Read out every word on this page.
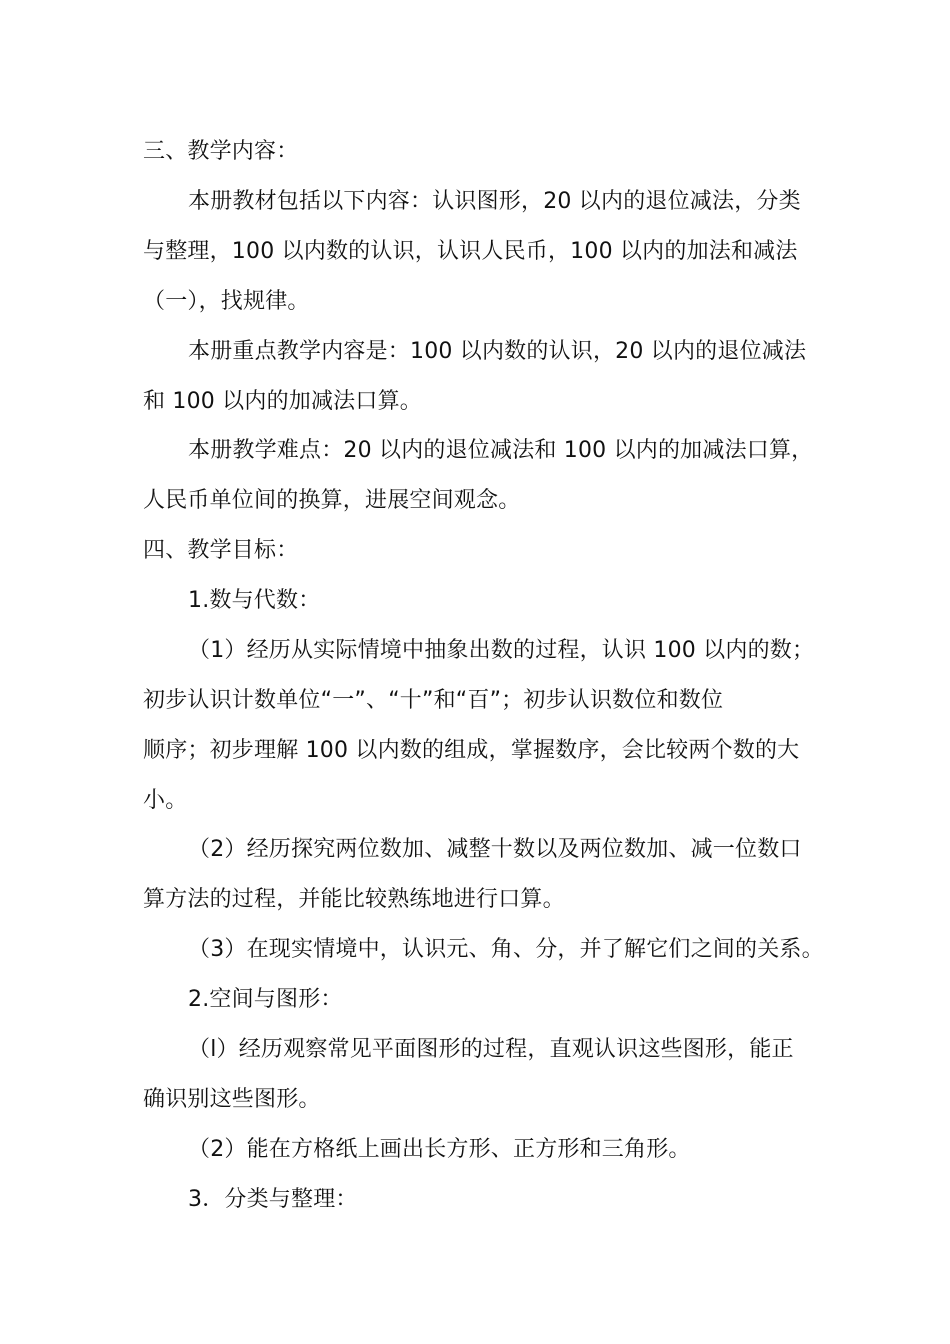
三、教学内容：
本册教材包括以下内容：认识图形，20 以内的退位减法，分类
与整理，100 以内数的认识，认识人民币，100 以内的加法和减法
（一），找规律。
本册重点教学内容是：100 以内数的认识，20 以内的退位减法
和 100 以内的加减法口算。
本册教学难点：20 以内的退位减法和 100 以内的加减法口算，
人民币单位间的换算，进展空间观念。
四、教学目标：
1.数与代数：
（1）经历从实际情境中抽象出数的过程，认识 100 以内的数；
初步认识计数单位“一”、“十”和“百”；初步认识数位和数位
顺序；初步理解 100 以内数的组成，掌握数序，会比较两个数的大
小。
（2）经历探究两位数加、减整十数以及两位数加、减一位数口
算方法的过程，并能比较熟练地进行口算。
（3）在现实情境中，认识元、角、分，并了解它们之间的关系。
2.空间与图形：
（l）经历观察常见平面图形的过程，直观认识这些图形，能正
确识别这些图形。
（2）能在方格纸上画出长方形、正方形和三角形。
3．分类与整理：
